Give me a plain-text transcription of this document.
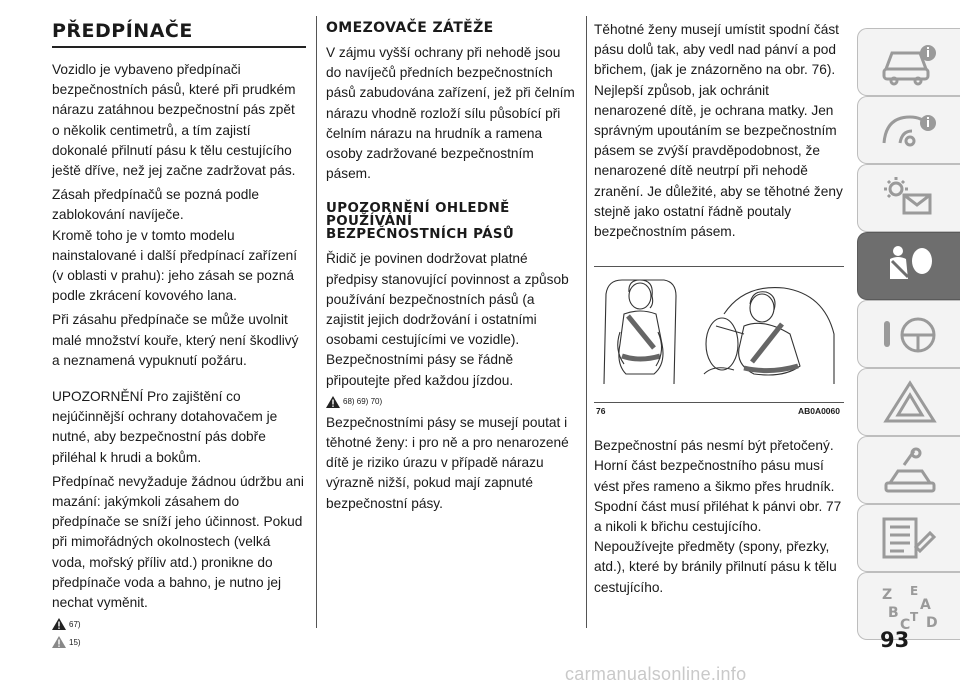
PŘEDPÍNAČE

Vozidlo je vybaveno předpínači bezpečnostních pásů, které při prudkém nárazu zatáhnou bezpečnostní pás zpět o několik centimetrů, a tím zajistí dokonalé přilnutí pásu k tělu cestujícího ještě dříve, než jej začne zadržovat pás.

Zásah předpínačů se pozná podle zablokování navíječe.

Kromě toho je v tomto modelu nainstalované i další předpínací zařízení (v oblasti v prahu): jeho zásah se pozná podle zkrácení kovového lana.

Při zásahu předpínače se může uvolnit malé množství kouře, který není škodlivý a neznamená vypuknutí požáru.

UPOZORNĚNÍ Pro zajištění co nejúčinnější ochrany dotahovačem je nutné, aby bezpečnostní pás dobře přiléhal k hrudi a bokům.

Předpínač nevyžaduje žádnou údržbu ani mazání: jakýmkoli zásahem do předpínače se sníží jeho účinnost. Pokud při mimořádných okolnostech (velká voda, mořský příliv atd.) pronikne do předpínače voda a bahno, je nutno jej nechat vyměnit.

67)
15)
OMEZOVAČE ZÁTĚŽE

V zájmu vyšší ochrany při nehodě jsou do navíječů předních bezpečnostních pásů zabudována zařízení, jež při čelním nárazu vhodně rozloží sílu působící při čelním nárazu na hrudník a ramena osoby zadržované bezpečnostním pásem.

UPOZORNĚNÍ OHLEDNĚ
POUŽÍVÁNÍ
BEZPEČNOSTNÍCH PÁSŮ

Řidič je povinen dodržovat platné předpisy stanovující povinnost a způsob používání bezpečnostních pásů (a zajistit jejich dodržování i ostatními osobami cestujícími ve vozidle). Bezpečnostními pásy se řádně připoutejte před každou jízdou.

68) 69) 70)

Bezpečnostními pásy se musejí poutat i těhotné ženy: i pro ně a pro nenarozené dítě je riziko úrazu v případě nárazu výrazně nižší, pokud mají zapnuté bezpečnostní pásy.

Těhotné ženy musejí umístit spodní část pásu dolů tak, aby vedl nad pánví a pod břichem, (jak je znázorněno na obr. 76). Nejlepší způsob, jak ochránit nenarozené dítě, je ochrana matky. Jen správným upoutáním se bezpečnostním pásem se zvýší pravděpodobnost, že nenarozené dítě neutrpí při nehodě zranění. Je důležité, aby se těhotné ženy stejně jako ostatní řádně poutaly bezpečnostním pásem.

76	AB0A0060

Bezpečnostní pás nesmí být přetočený. Horní část bezpečnostního pásu musí vést přes rameno a šikmo přes hrudník. Spodní část musí přiléhat k pánvi obr. 77 a nikoli k břichu cestujícího. Nepoužívejte předměty (spony, přezky, atd.), které by bránily přilnutí pásu k tělu cestujícího.	Z E
A
B
C T D
93
carmanualsonline.info
